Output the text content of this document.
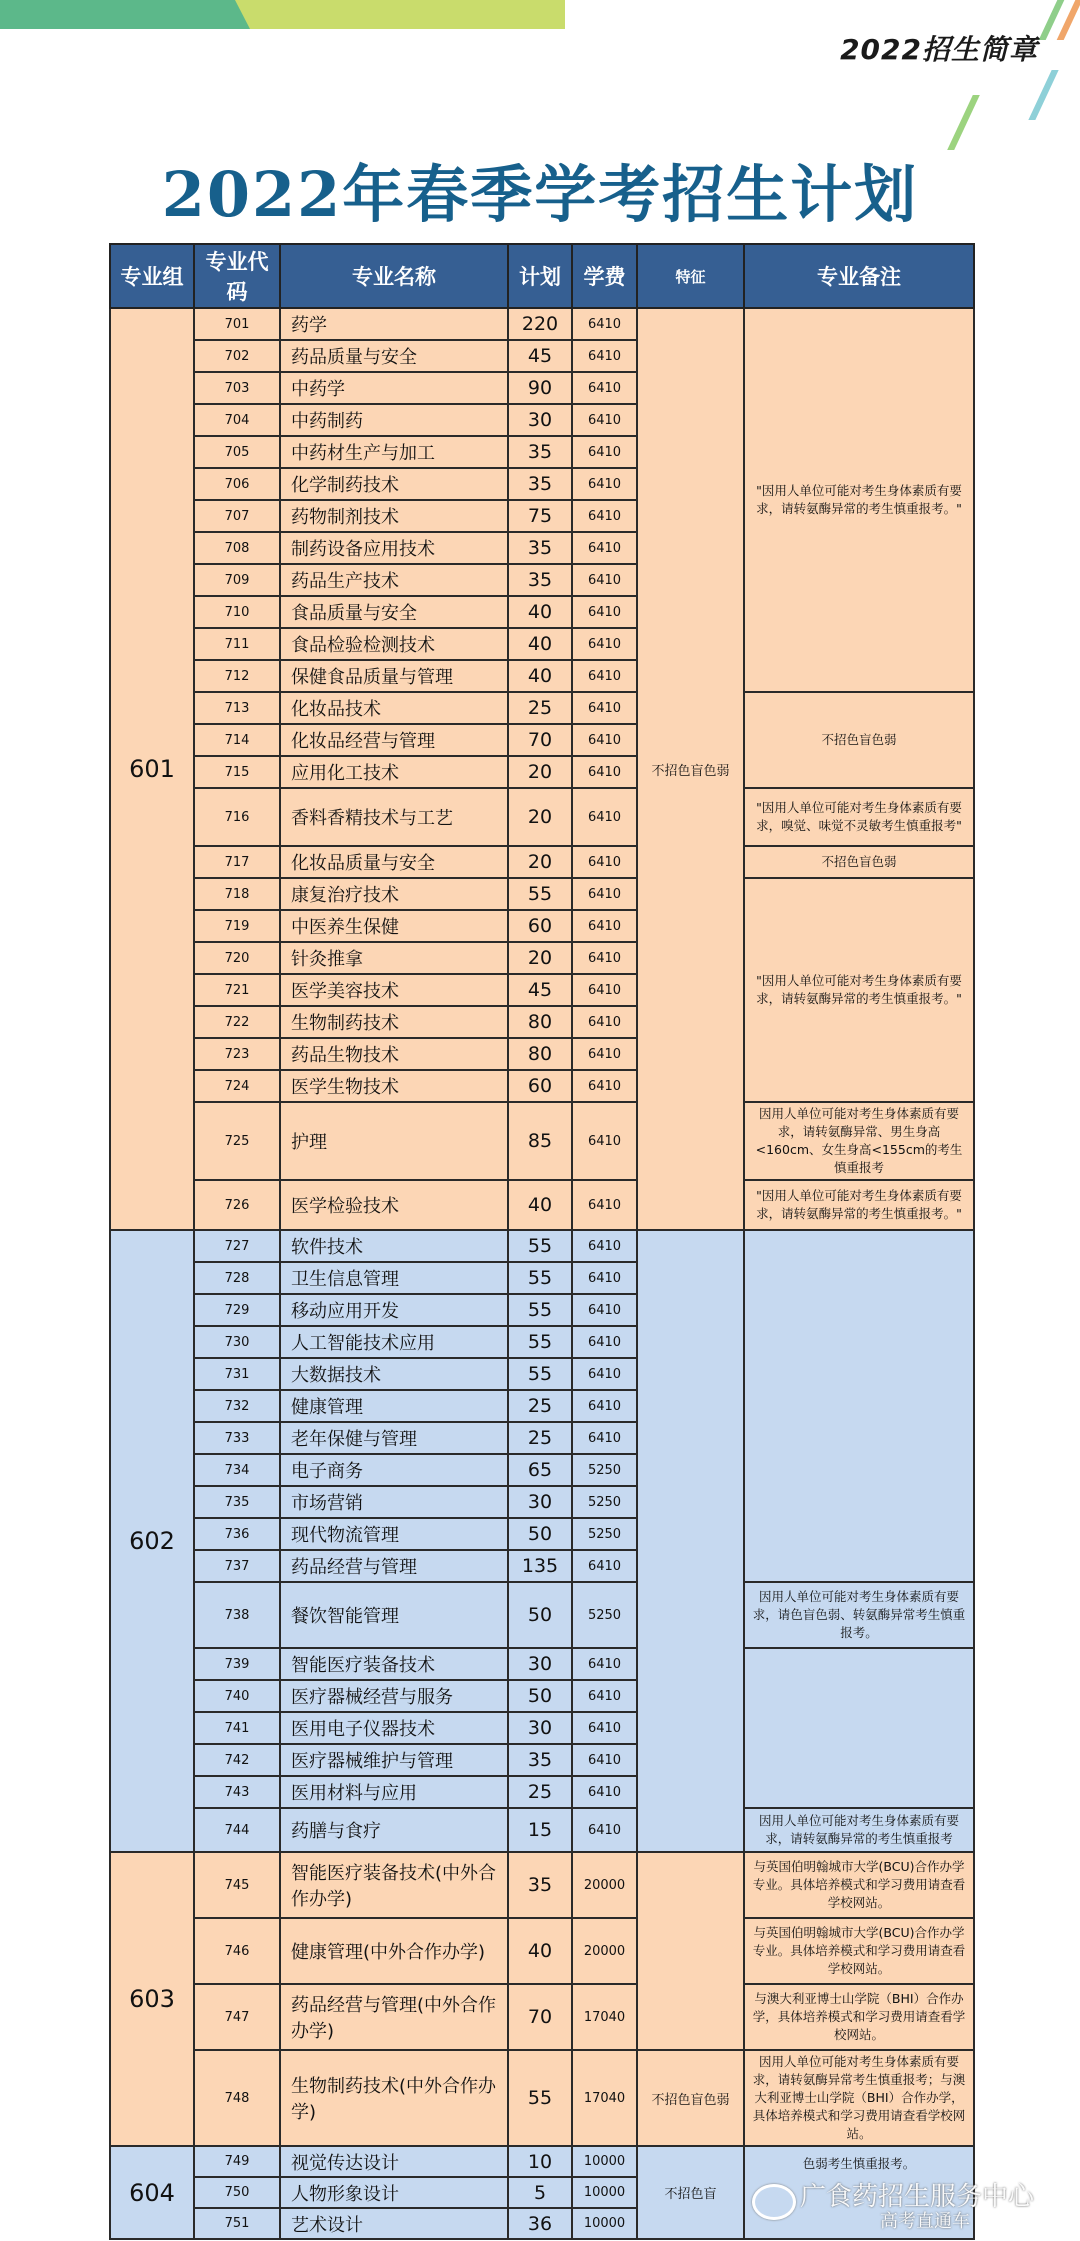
2022招生简章
2022年春季学考招生计划
专业组	专业代码	专业名称	计划	学费	特征	专业备注
601	701	药学	220	6410	不招色盲色弱	"因用人单位可能对考生身体素质有要求，请转氨酶异常的考生慎重报考。"
	702	药品质量与安全	45	6410		
	703	中药学	90	6410		
	704	中药制药	30	6410		
	705	中药材生产与加工	35	6410		
	706	化学制药技术	35	6410		
	707	药物制剂技术	75	6410		
	708	制药设备应用技术	35	6410		
	709	药品生产技术	35	6410		
	710	食品质量与安全	40	6410		
	711	食品检验检测技术	40	6410		
	712	保健食品质量与管理	40	6410		
	713	化妆品技术	25	6410		不招色盲色弱
	714	化妆品经营与管理	70	6410		
	715	应用化工技术	20	6410		
	716	香料香精技术与工艺	20	6410		"因用人单位可能对考生身体素质有要求，嗅觉、味觉不灵敏考生慎重报考"
	717	化妆品质量与安全	20	6410		不招色盲色弱
	718	康复治疗技术	55	6410		"因用人单位可能对考生身体素质有要求，请转氨酶异常的考生慎重报考。"
	719	中医养生保健	60	6410		
	720	针灸推拿	20	6410		
	721	医学美容技术	45	6410		
	722	生物制药技术	80	6410		
	723	药品生物技术	80	6410		
	724	医学生物技术	60	6410		
	725	护理	85	6410		因用人单位可能对考生身体素质有要求，请转氨酶异常、男生身高<160cm、女生身高<155cm的考生慎重报考
	726	医学检验技术	40	6410		"因用人单位可能对考生身体素质有要求，请转氨酶异常的考生慎重报考。"
602	727	软件技术	55	6410		
	728	卫生信息管理	55	6410		
	729	移动应用开发	55	6410		
	730	人工智能技术应用	55	6410		
	731	大数据技术	55	6410		
	732	健康管理	25	6410		
	733	老年保健与管理	25	6410		
	734	电子商务	65	5250		
	735	市场营销	30	5250		
	736	现代物流管理	50	5250		
	737	药品经营与管理	135	6410		
	738	餐饮智能管理	50	5250		因用人单位可能对考生身体素质有要求，请色盲色弱、转氨酶异常考生慎重报考。
	739	智能医疗装备技术	30	6410		
	740	医疗器械经营与服务	50	6410		
	741	医用电子仪器技术	30	6410		
	742	医疗器械维护与管理	35	6410		
	743	医用材料与应用	25	6410		
	744	药膳与食疗	15	6410		因用人单位可能对考生身体素质有要求，请转氨酶异常的考生慎重报考
603	745	智能医疗装备技术(中外合作办学)	35	20000		与英国伯明翰城市大学(BCU)合作办学专业。具体培养模式和学习费用请查看学校网站。
	746	健康管理(中外合作办学)	40	20000		与英国伯明翰城市大学(BCU)合作办学专业。具体培养模式和学习费用请查看学校网站。
	747	药品经营与管理(中外合作办学)	70	17040		与澳大利亚博士山学院（BHI）合作办学，具体培养模式和学习费用请查看学校网站。
	748	生物制药技术(中外合作办学)	55	17040	不招色盲色弱	因用人单位可能对考生身体素质有要求，请转氨酶异常考生慎重报考；与澳大利亚博士山学院（BHI）合作办学，具体培养模式和学习费用请查看学校网站。
604	749	视觉传达设计	10	10000	不招色盲	色弱考生慎重报考。
	750	人物形象设计	5	10000		
	751	艺术设计	36	10000		
广食药招生服务中心
高考直通车
